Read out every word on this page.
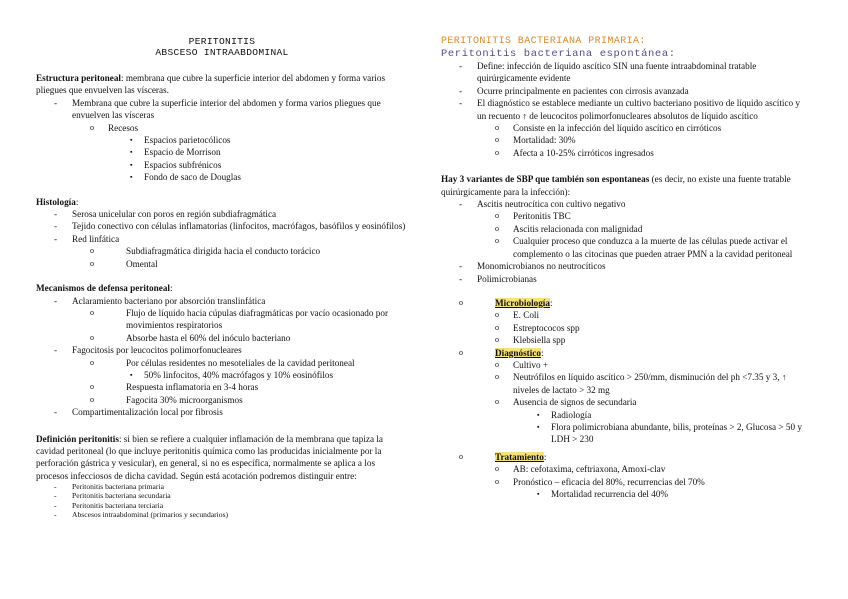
PERITONITIS
ABSCESO INTRAABDOMINAL

Estructura peritoneal: membrana que cubre la superficie interior del abdomen y forma varios pliegues que envuelven las vísceras.

- Membrana que cubre la superficie interior del abdomen y forma varios pliegues que envuelven las vísceras
o Recesos
▪ Espacios parietocólicos
▪ Espacio de Morrison
▪ Espacios subfrénicos
▪ Fondo de saco de Douglas

Histología:

- Serosa unicelular con poros en región subdiafragmática
- Tejido conectivo con células inflamatorias (linfocitos, macrófagos, basófilos y eosinófilos)
- Red linfática
o	Subdiafragmática dirigida hacia el conducto torácico
o	Omental

Mecanismos de defensa peritoneal:

- Aclaramiento bacteriano por absorción translinfática
o	Flujo de líquido hacia cúpulas diafragmáticas por vacío ocasionado por movimientos respiratorios
o	Absorbe hasta el 60% del inóculo bacteriano
- Fagocitosis por leucocitos polimorfonucleares
o	Por células residentes no mesoteliales de la cavidad peritoneal
▪ 50% linfocitos, 40% macrófagos y 10% eosinófilos
o	Respuesta inflamatoria en 3-4 horas
o	Fagocita 30% microorganismos
- Compartimentalización local por fibrosis

Definición peritonitis: si bien se refiere a cualquier inflamación de la membrana que tapiza la cavidad peritoneal (lo que incluye peritonitis química como las producidas inicialmente por la perforación gástrica y vesicular), en general, si no es específica, normalmente se aplica a los procesos infecciosos de dicha cavidad. Según está acotación podremos distinguir entre:

- Peritonitis bacteriana primaria
- Peritonitis bacteriana secundaria
- Peritonitis bacteriana terciaria
- Abscesos intraabdominal (primarios y secundarios)
PERITONITIS BACTERIANA PRIMARIA:
Peritonitis bacteriana espontánea:
- Define: infección de líquido ascítico SIN una fuente intraabdominal tratable quirúrgicamente evidente
- Ocurre principalmente en pacientes con cirrosis avanzada
- El diagnóstico se establece mediante un cultivo bacteriano positivo de líquido ascítico y un recuento ↑ de leucocitos polimorfonucleares absolutos de líquido ascítico
o Consiste en la infección del líquido ascítico en cirróticos
o Mortalidad: 30%
o Afecta a 10-25% cirróticos ingresados

Hay 3 variantes de SBP que también son espontaneas (es decir, no existe una fuente tratable quirúrgicamente para la infección):

- Ascitis neutrocítica con cultivo negativo
o Peritonitis TBC
o Ascitis relacionada con malignidad
o Cualquier proceso que conduzca a la muerte de las células puede activar el complemento o las citocinas que pueden atraer PMN a la cavidad peritoneal
- Monomicrobianos no neutrocíticos
- Polimicrobianas
o	Microbiología:
o E. Coli
o Estreptococos spp
o Klebsiella spp
o	Diagnóstico:
o Cultivo +
o Neutrófilos en líquido ascítico > 250/mm, disminución del ph <7.35 y 3, ↑ niveles de lactato > 32 mg
o Ausencia de signos de secundaria
▪ Radiología
▪ Flora polimicrobiana abundante, bilis, proteínas > 2, Glucosa > 50 y LDH > 230
o	Tratamiento:
o AB: cefotaxima, ceftriaxona, Amoxi-clav
o Pronóstico – eficacia del 80%, recurrencias del 70%
▪ Mortalidad recurrencia del 40%
